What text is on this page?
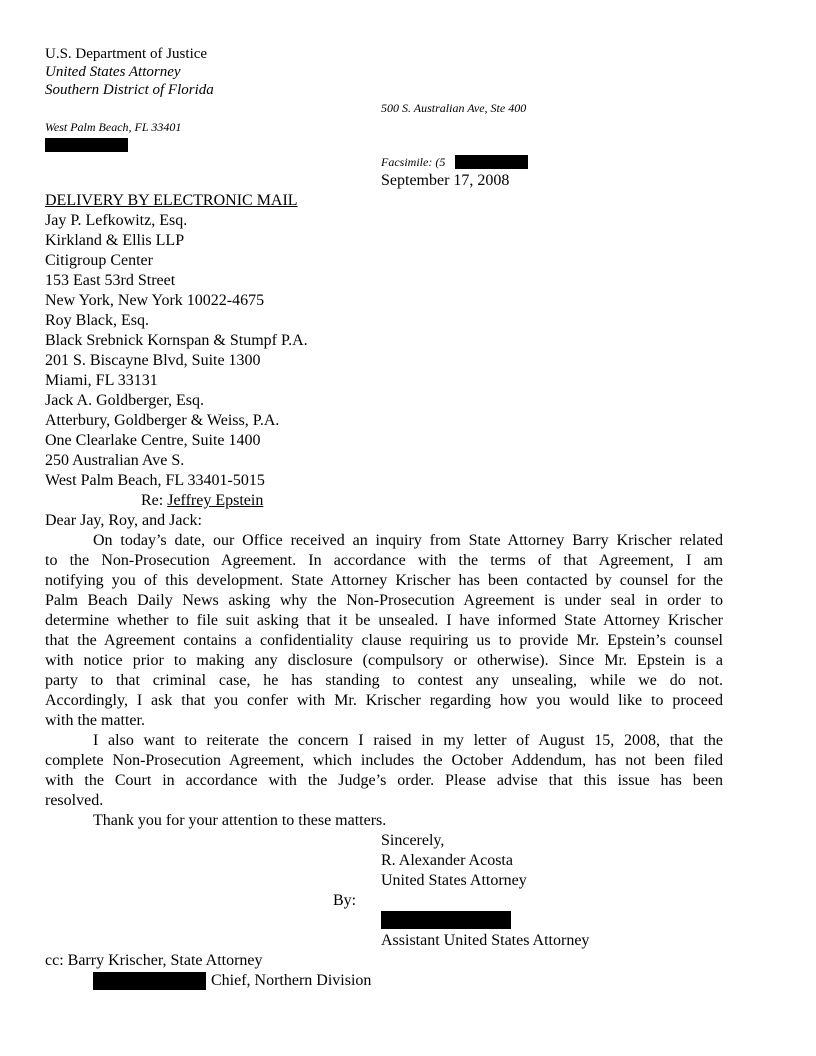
U.S. Department of Justice
United States Attorney
Southern District of Florida
500 S. Australian Ave, Ste 400
West Palm Beach, FL 33401
Facsimile: (5
September 17, 2008
DELIVERY BY ELECTRONIC MAIL
Jay P. Lefkowitz, Esq.
Kirkland & Ellis LLP
Citigroup Center
153 East 53rd Street
New York, New York 10022-4675
Roy Black, Esq.
Black Srebnick Kornspan & Stumpf P.A.
201 S. Biscayne Blvd, Suite 1300
Miami, FL 33131
Jack A. Goldberger, Esq.
Atterbury, Goldberger & Weiss, P.A.
One Clearlake Centre, Suite 1400
250 Australian Ave S.
West Palm Beach, FL 33401-5015
Re: Jeffrey Epstein
Dear Jay, Roy, and Jack:
On today’s date, our Office received an inquiry from State Attorney Barry Krischer related
to the Non-Prosecution Agreement. In accordance with the terms of that Agreement, I am
notifying you of this development. State Attorney Krischer has been contacted by counsel for the
Palm Beach Daily News asking why the Non-Prosecution Agreement is under seal in order to
determine whether to file suit asking that it be unsealed. I have informed State Attorney Krischer
that the Agreement contains a confidentiality clause requiring us to provide Mr. Epstein’s counsel
with notice prior to making any disclosure (compulsory or otherwise). Since Mr. Epstein is a
party to that criminal case, he has standing to contest any unsealing, while we do not.
Accordingly, I ask that you confer with Mr. Krischer regarding how you would like to proceed
with the matter.
I also want to reiterate the concern I raised in my letter of August 15, 2008, that the
complete Non-Prosecution Agreement, which includes the October Addendum, has not been filed
with the Court in accordance with the Judge’s order. Please advise that this issue has been
resolved.
Thank you for your attention to these matters.
Sincerely,
R. Alexander Acosta
United States Attorney
By:
Assistant United States Attorney
cc: Barry Krischer, State Attorney
Chief, Northern Division
